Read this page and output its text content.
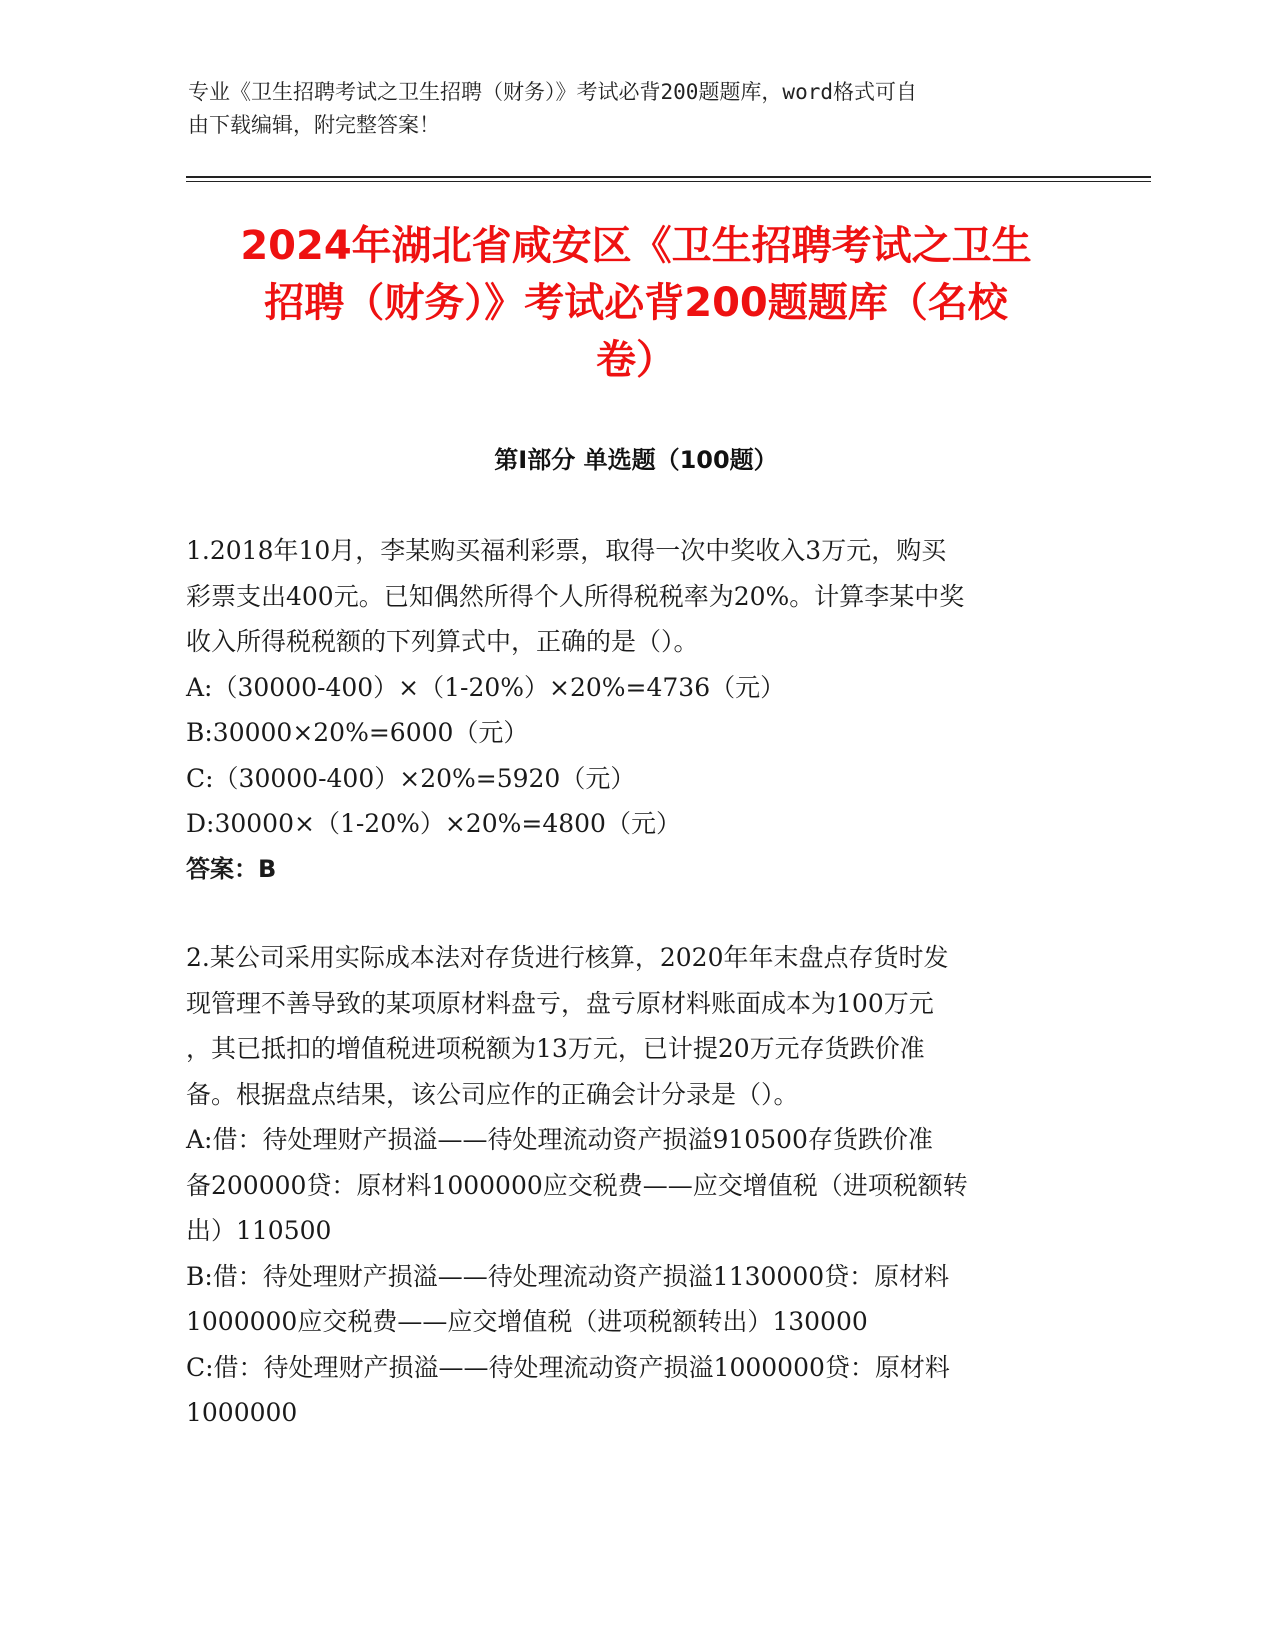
专业《卫生招聘考试之卫生招聘（财务）》考试必背200题题库，word格式可自
由下载编辑，附完整答案！
2024年湖北省咸安区《卫生招聘考试之卫生
招聘（财务）》考试必背200题题库（名校
卷）
第Ⅰ部分 单选题（100题）

1.2018年10月，李某购买福利彩票，取得一次中奖收入3万元，购买

彩票支出400元。已知偶然所得个人所得税税率为20%。计算李某中奖

收入所得税税额的下列算式中，正确的是（）。

A:（30000-400）×（1-20%）×20%=4736（元）

B:30000×20%=6000（元）

C:（30000-400）×20%=5920（元）

D:30000×（1-20%）×20%=4800（元）

答案：B

2.某公司采用实际成本法对存货进行核算，2020年年末盘点存货时发

现管理不善导致的某项原材料盘亏，盘亏原材料账面成本为100万元

，其已抵扣的增值税进项税额为13万元，已计提20万元存货跌价准

备。根据盘点结果，该公司应作的正确会计分录是（）。

A:借：待处理财产损溢——待处理流动资产损溢910500存货跌价准

备200000贷：原材料1000000应交税费——应交增值税（进项税额转

出）110500

B:借：待处理财产损溢——待处理流动资产损溢1130000贷：原材料

1000000应交税费——应交增值税（进项税额转出）130000

C:借：待处理财产损溢——待处理流动资产损溢1000000贷：原材料

1000000
